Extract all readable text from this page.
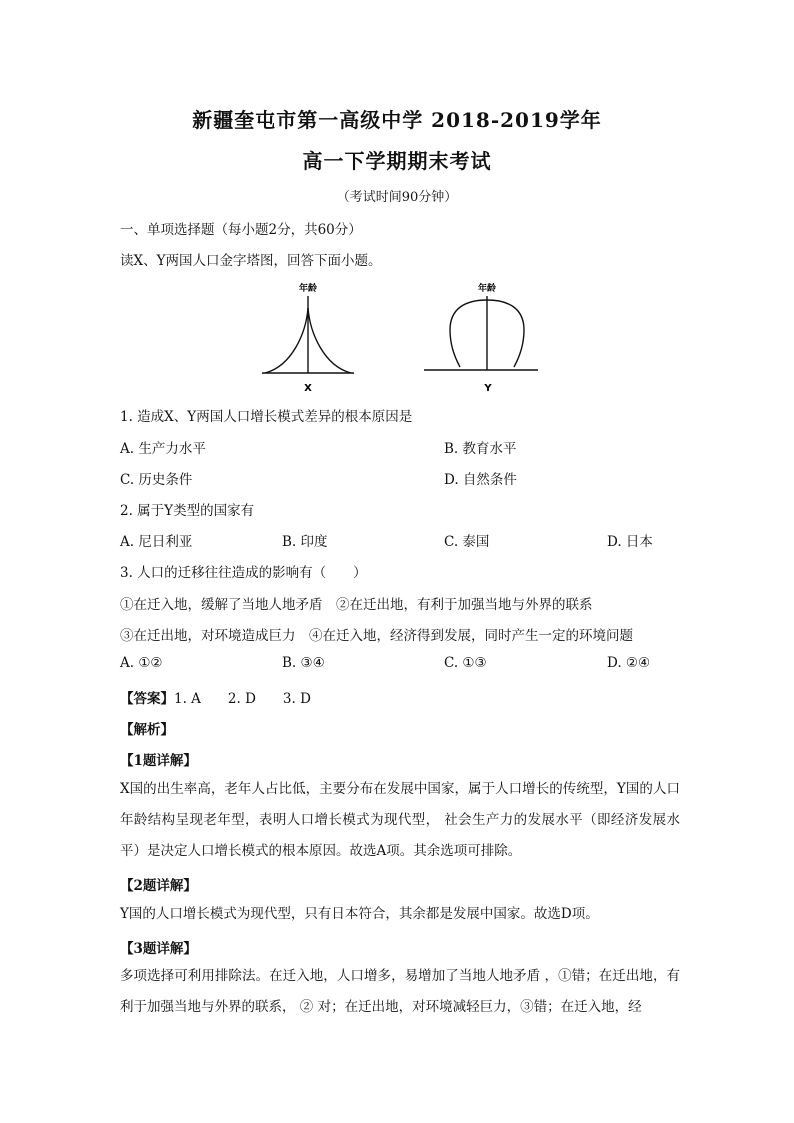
新疆奎屯市第一高级中学 2018-2019学年
高一下学期期末考试
（考试时间90分钟）
一、单项选择题（每小题2分，共60分）
读X、Y两国人口金字塔图，回答下面小题。
年龄
X
年龄
Y
1. 造成X、Y两国人口增长模式差异的根本原因是
A. 生产力水平	B. 教育水平
C. 历史条件	D. 自然条件
2. 属于Y类型的国家有
A. 尼日利亚	B. 印度	C. 泰国	D. 日本
3. 人口的迁移往往造成的影响有（　　）
①在迁入地，缓解了当地人地矛盾　②在迁出地，有利于加强当地与外界的联系
③在迁出地，对环境造成巨力　④在迁入地，经济得到发展，同时产生一定的环境问题
A. ①②	B. ③④	C. ①③	D. ②④
【答案】1. A　　2. D　　3. D
【解析】
【1题详解】
X国的出生率高，老年人占比低，主要分布在发展中国家，属于人口增长的传统型，Y国的人口年龄结构呈现老年型，表明人口增长模式为现代型， 社会生产力的发展水平（即经济发展水平）是决定人口增长模式的根本原因。故选A项。其余选项可排除。
【2题详解】
Y国的人口增长模式为现代型，只有日本符合，其余都是发展中国家。故选D项。
【3题详解】
多项选择可利用排除法。在迁入地，人口增多，易增加了当地人地矛盾 ，①错；在迁出地，有利于加强当地与外界的联系， ② 对；在迁出地，对环境减轻巨力，③错；在迁入地，经
